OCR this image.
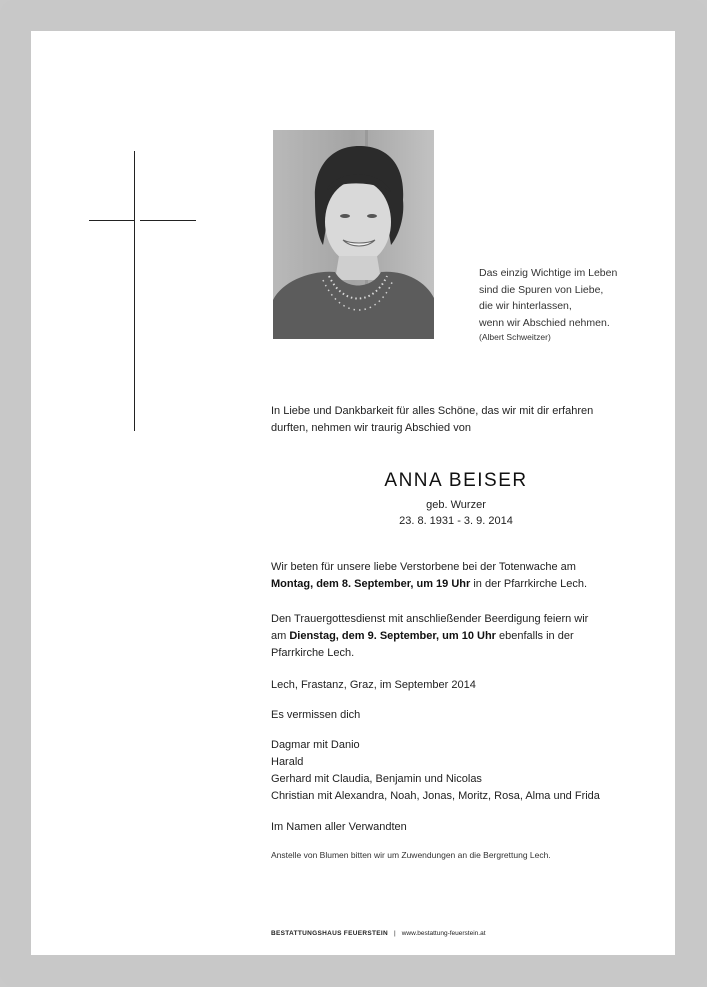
Das einzig Wichtige im Leben
sind die Spuren von Liebe,
die wir hinterlassen,
wenn wir Abschied nehmen.
(Albert Schweitzer)
In Liebe und Dankbarkeit für alles Schöne, das wir mit dir erfahren
durften, nehmen wir traurig Abschied von
ANNA BEISER
geb. Wurzer
23. 8. 1931 - 3. 9. 2014
Wir beten für unsere liebe Verstorbene bei der Totenwache am
Montag, dem 8. September, um 19 Uhr in der Pfarrkirche Lech.
Den Trauergottesdienst mit anschließender Beerdigung feiern wir
am Dienstag, dem 9. September, um 10 Uhr ebenfalls in der
Pfarrkirche Lech.
Lech, Frastanz, Graz, im September 2014
Es vermissen dich
Dagmar mit Danio
Harald
Gerhard mit Claudia, Benjamin und Nicolas
Christian mit Alexandra, Noah, Jonas, Moritz, Rosa, Alma und Frida
Im Namen aller Verwandten
Anstelle von Blumen bitten wir um Zuwendungen an die Bergrettung Lech.
BESTATTUNGSHAUS FEUERSTEIN | www.bestattung-feuerstein.at
